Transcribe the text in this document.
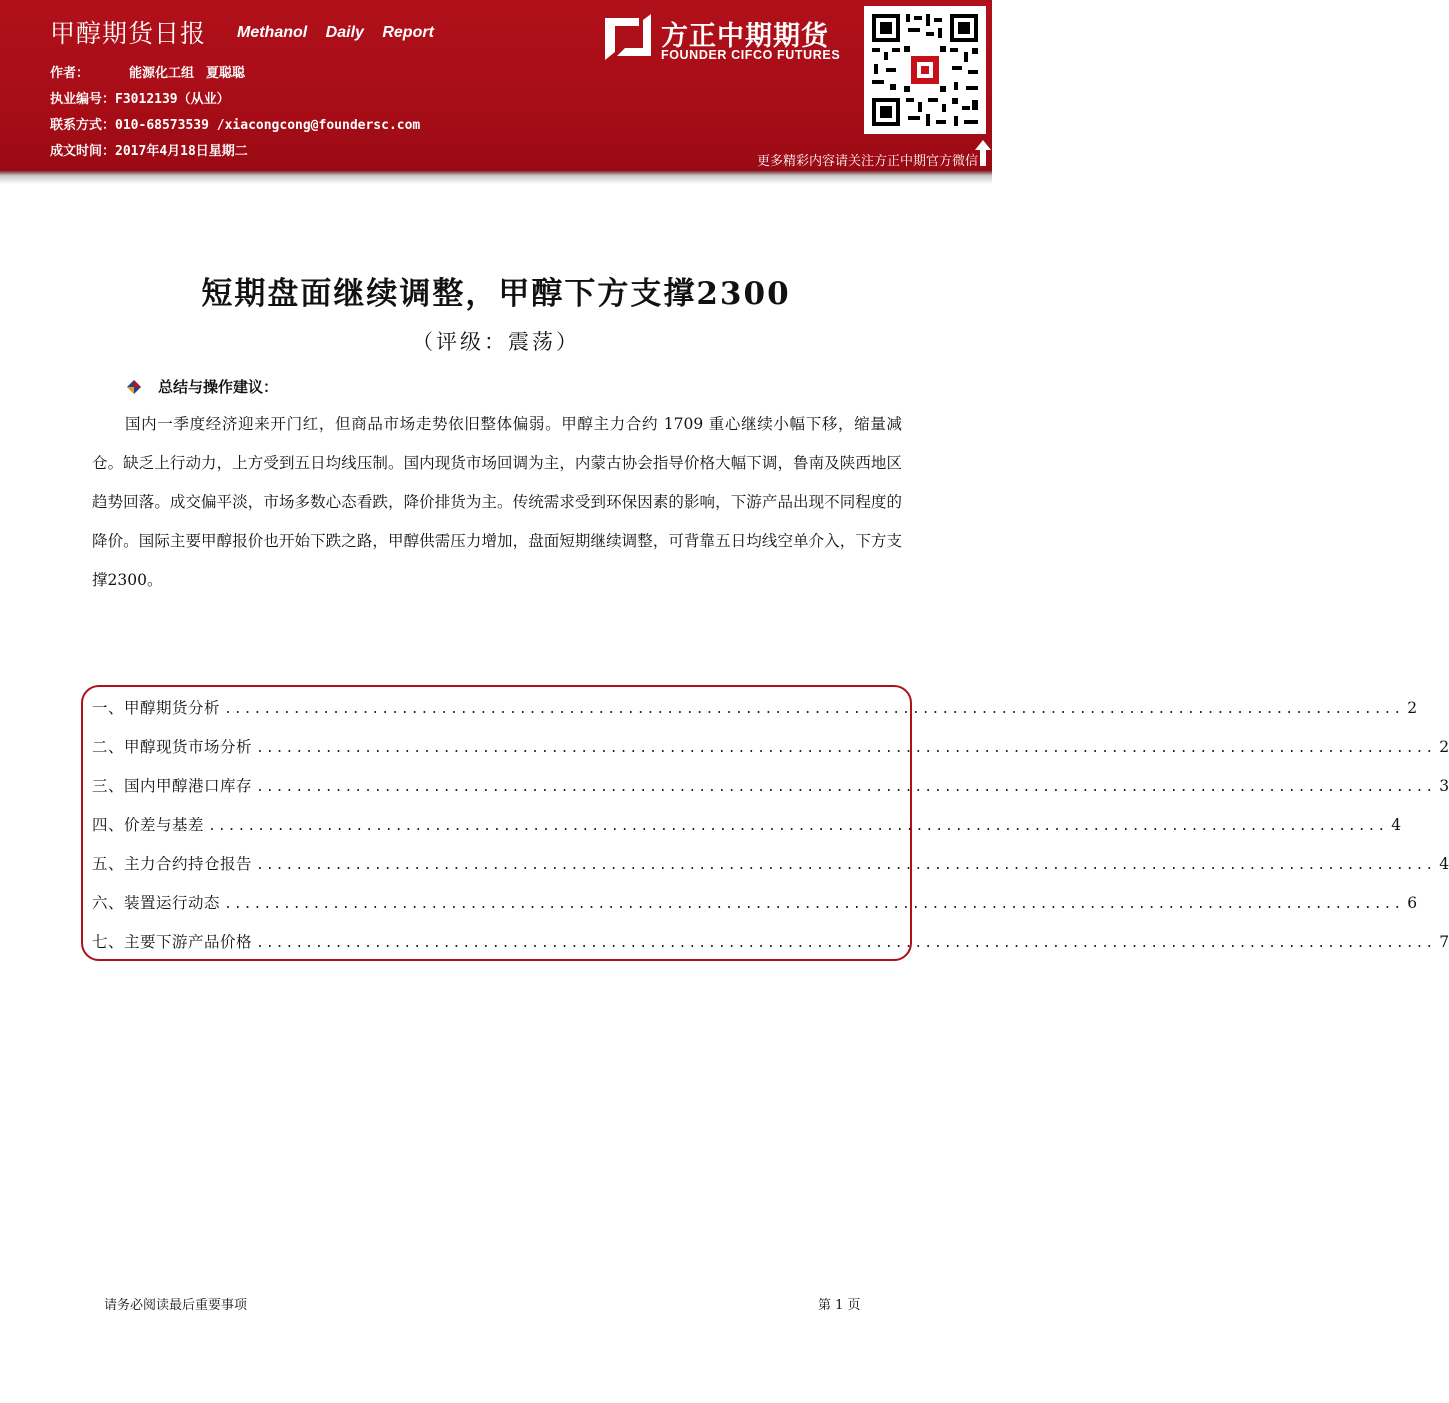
甲醇期货日报 Methanol Daily Report
作者：	能源化工组 夏聪聪
执业编号：F3012139（从业）
联系方式：010-68573539 /xiacongcong@foundersc.com
成文时间：2017年4月18日星期二
方正中期期货
FOUNDER CIFCO FUTURES
更多精彩内容请关注方正中期官方微信
短期盘面继续调整，甲醇下方支撑2300
（评级：震荡）
总结与操作建议：
国内一季度经济迎来开门红，但商品市场走势依旧整体偏弱。甲醇主力合约 1709 重心继续小幅下移，缩量减仓。缺乏上行动力，上方受到五日均线压制。国内现货市场回调为主，内蒙古协会指导价格大幅下调，鲁南及陕西地区趋势回落。成交偏平淡，市场多数心态看跌，降价排货为主。传统需求受到环保因素的影响，下游产品出现不同程度的降价。国际主要甲醇报价也开始下跌之路，甲醇供需压力增加，盘面短期继续调整，可背靠五日均线空单介入，下方支撑2300。
一、甲醇期货分析 ........................................................................................................................ 2
二、甲醇现货市场分析 ........................................................................................................................ 2
三、国内甲醇港口库存 ........................................................................................................................ 3
四、价差与基差 ........................................................................................................................ 4
五、主力合约持仓报告 ........................................................................................................................ 4
六、装置运行动态 ........................................................................................................................ 6
七、主要下游产品价格 ........................................................................................................................ 7
请务必阅读最后重要事项	第 1 页
